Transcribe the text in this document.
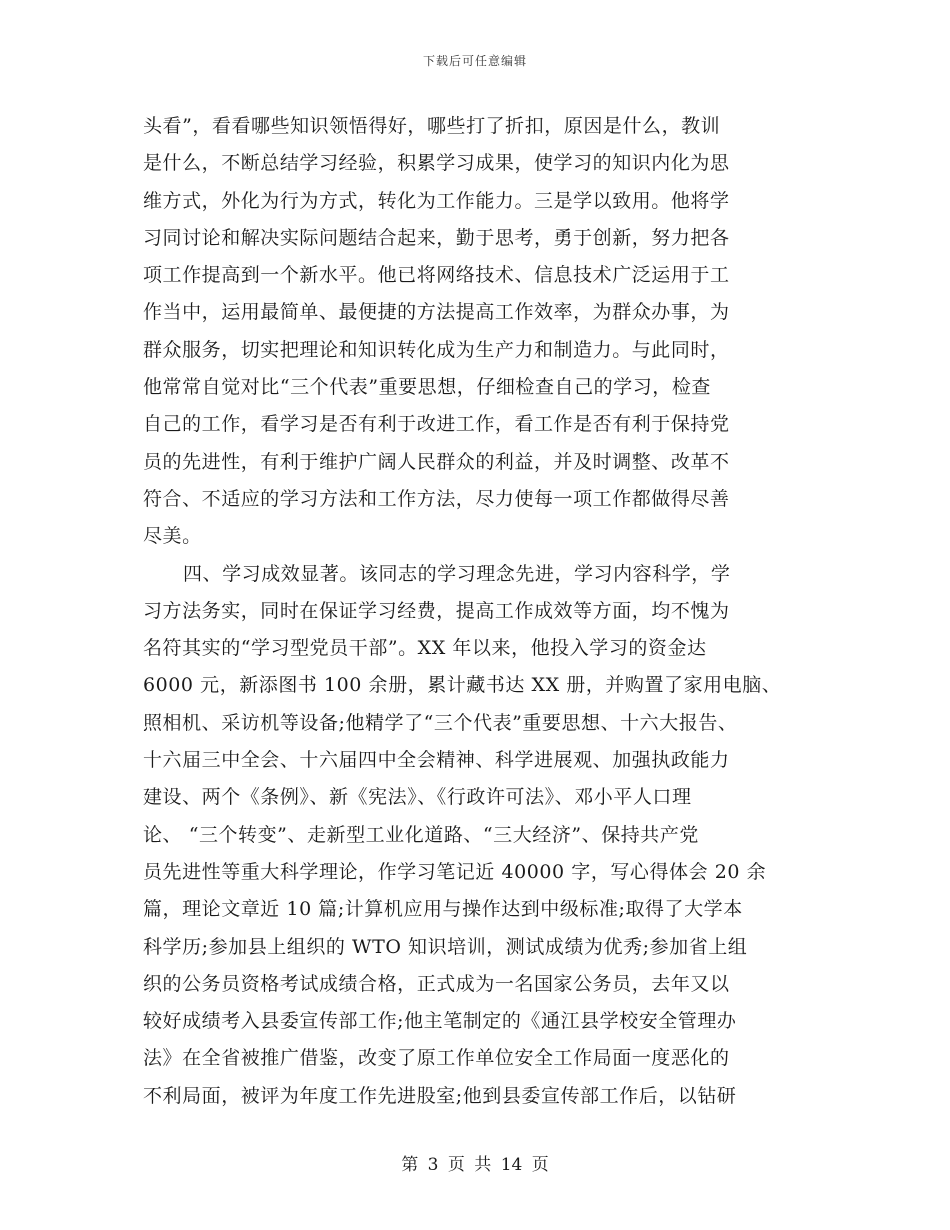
下载后可任意编辑
头看”，看看哪些知识领悟得好，哪些打了折扣，原因是什么，教训
是什么，不断总结学习经验，积累学习成果，使学习的知识内化为思
维方式，外化为行为方式，转化为工作能力。三是学以致用。他将学
习同讨论和解决实际问题结合起来，勤于思考，勇于创新，努力把各
项工作提高到一个新水平。他已将网络技术、信息技术广泛运用于工
作当中，运用最简单、最便捷的方法提高工作效率，为群众办事，为
群众服务，切实把理论和知识转化成为生产力和制造力。与此同时，
他常常自觉对比“三个代表”重要思想，仔细检查自己的学习，检查
自己的工作，看学习是否有利于改进工作，看工作是否有利于保持党
员的先进性，有利于维护广阔人民群众的利益，并及时调整、改革不
符合、不适应的学习方法和工作方法，尽力使每一项工作都做得尽善
尽美。
四、学习成效显著。该同志的学习理念先进，学习内容科学，学
习方法务实，同时在保证学习经费，提高工作成效等方面，均不愧为
名符其实的“学习型党员干部”。XX 年以来，他投入学习的资金达
6000 元，新添图书 100 余册，累计藏书达 XX 册，并购置了家用电脑、
照相机、采访机等设备;他精学了“三个代表”重要思想、十六大报告、
十六届三中全会、十六届四中全会精神、科学进展观、加强执政能力
建设、两个《条例》、新《宪法》、《行政许可法》、邓小平人口理
论、 “三个转变”、走新型工业化道路、“三大经济”、保持共产党
员先进性等重大科学理论，作学习笔记近 40000 字，写心得体会 20 余
篇，理论文章近 10 篇;计算机应用与操作达到中级标准;取得了大学本
科学历;参加县上组织的 WTO 知识培训，测试成绩为优秀;参加省上组
织的公务员资格考试成绩合格，正式成为一名国家公务员，去年又以
较好成绩考入县委宣传部工作;他主笔制定的《通江县学校安全管理办
法》在全省被推广借鉴，改变了原工作单位安全工作局面一度恶化的
不利局面，被评为年度工作先进股室;他到县委宣传部工作后，以钻研
第 3 页 共 14 页
